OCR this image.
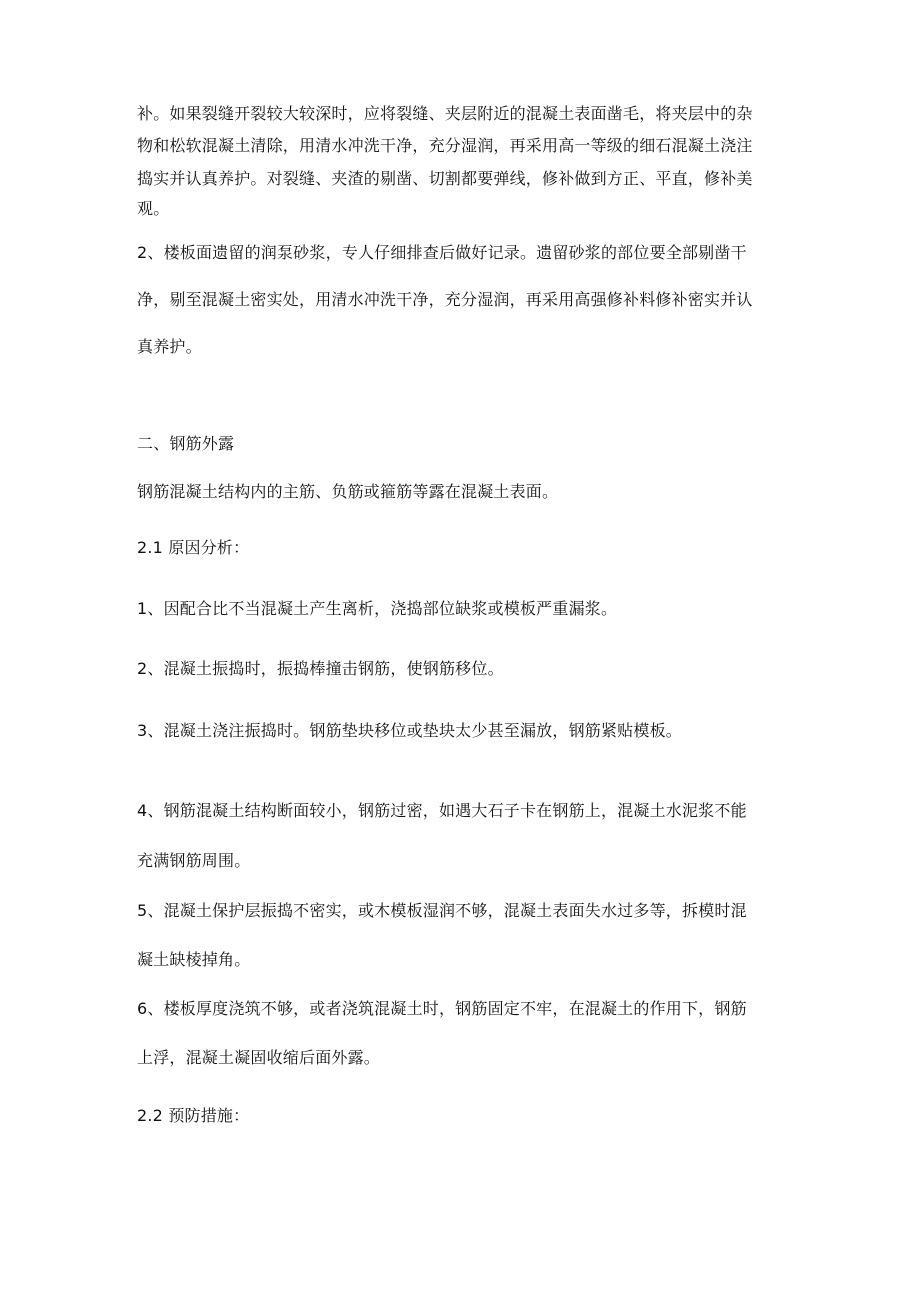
补。如果裂缝开裂较大较深时，应将裂缝、夹层附近的混凝土表面凿毛，将夹层中的杂
物和松软混凝土清除，用清水冲洗干净，充分湿润，再采用高一等级的细石混凝土浇注
捣实并认真养护。对裂缝、夹渣的剔凿、切割都要弹线，修补做到方正、平直，修补美
观。
2、楼板面遗留的润泵砂浆，专人仔细排查后做好记录。遗留砂浆的部位要全部剔凿干
净，剔至混凝土密实处，用清水冲洗干净，充分湿润，再采用高强修补料修补密实并认
真养护。
二、钢筋外露
钢筋混凝土结构内的主筋、负筋或箍筋等露在混凝土表面。
2.1 原因分析：
1、因配合比不当混凝土产生离析，浇捣部位缺浆或模板严重漏浆。
2、混凝土振捣时，振捣棒撞击钢筋，使钢筋移位。
3、混凝土浇注振捣时。钢筋垫块移位或垫块太少甚至漏放，钢筋紧贴模板。
4、钢筋混凝土结构断面较小，钢筋过密，如遇大石子卡在钢筋上，混凝土水泥浆不能
充满钢筋周围。
5、混凝土保护层振捣不密实，或木模板湿润不够，混凝土表面失水过多等，拆模时混
凝土缺棱掉角。
6、楼板厚度浇筑不够，或者浇筑混凝土时，钢筋固定不牢，在混凝土的作用下，钢筋
上浮，混凝土凝固收缩后面外露。
2.2 预防措施：
